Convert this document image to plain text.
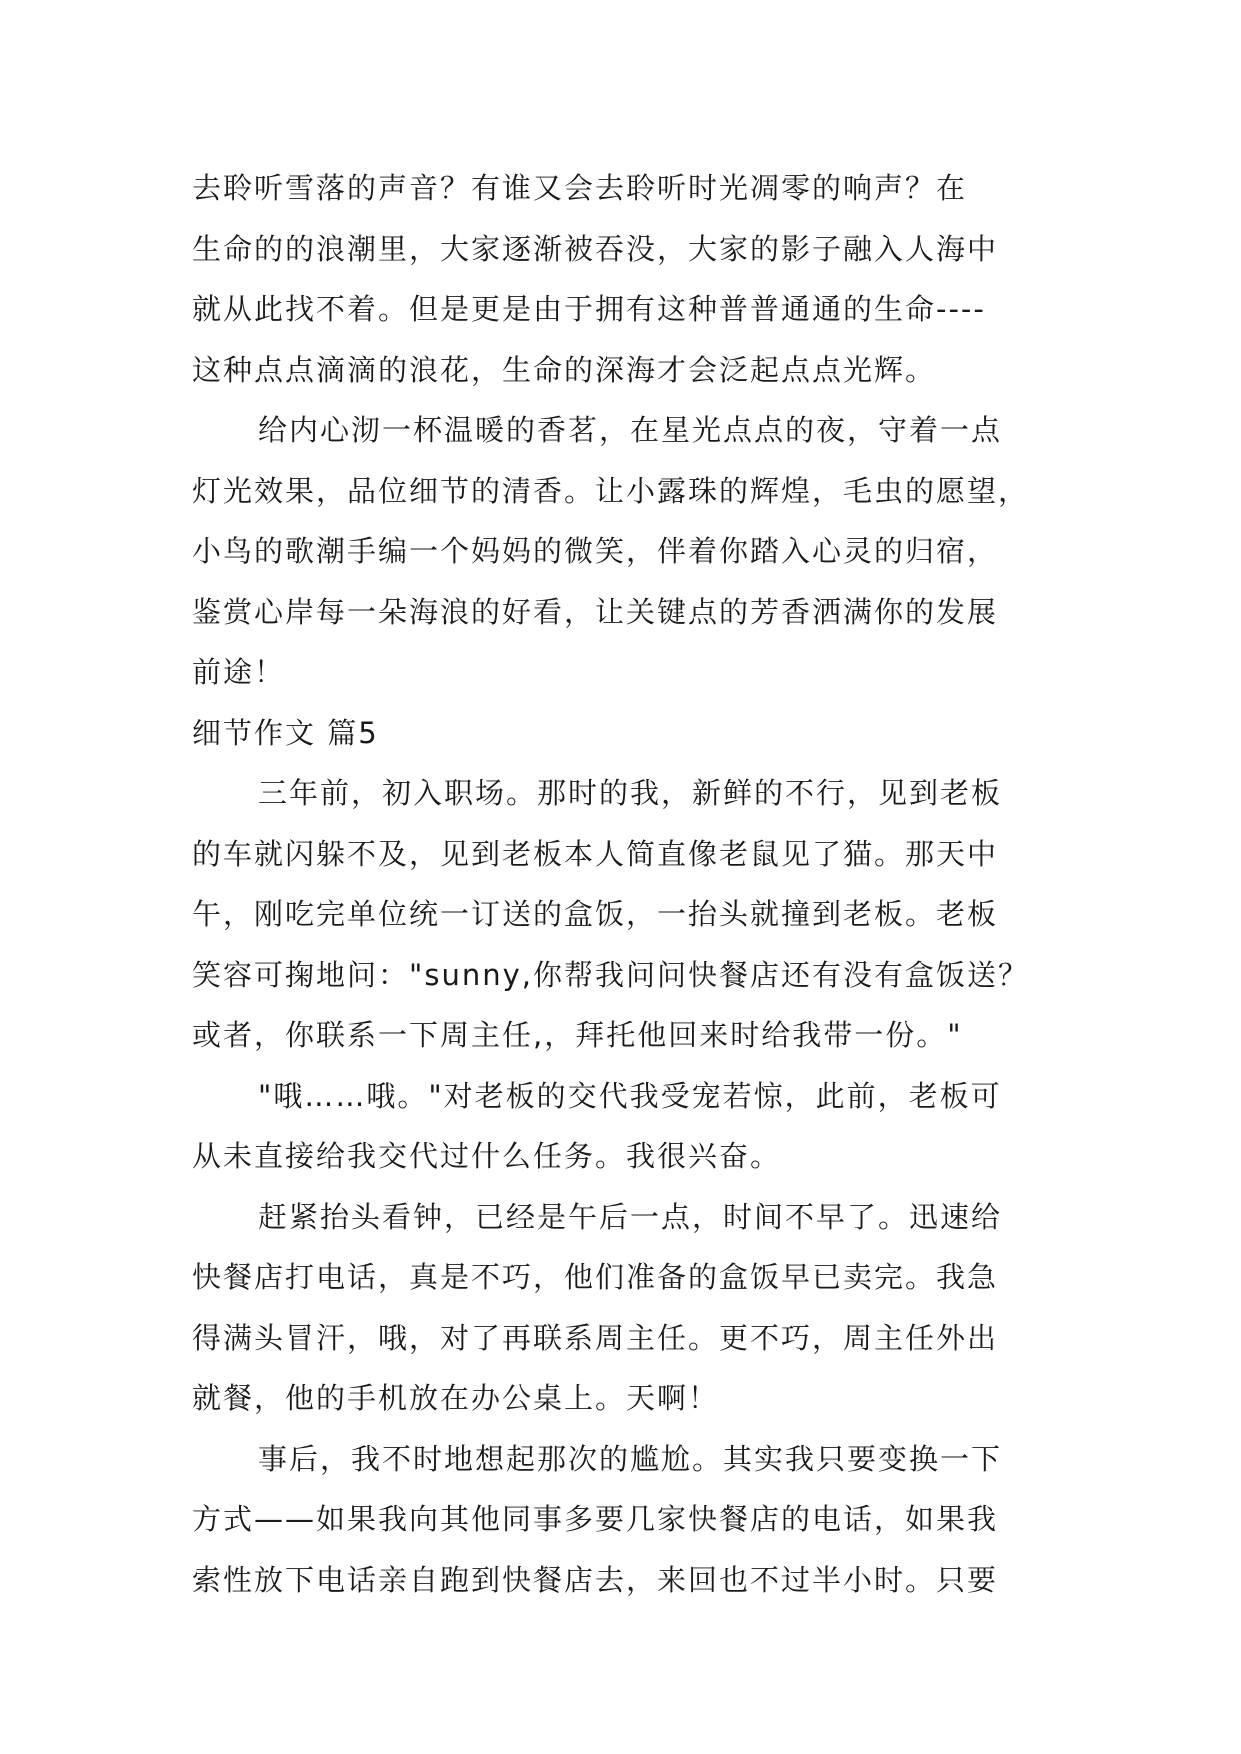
去聆听雪落的声音？有谁又会去聆听时光凋零的响声？在
生命的的浪潮里，大家逐渐被吞没，大家的影子融入人海中
就从此找不着。但是更是由于拥有这种普普通通的生命----
这种点点滴滴的浪花，生命的深海才会泛起点点光辉。
给内心沏一杯温暖的香茗，在星光点点的夜，守着一点
灯光效果，品位细节的清香。让小露珠的辉煌，毛虫的愿望，
小鸟的歌潮手编一个妈妈的微笑，伴着你踏入心灵的归宿，
鉴赏心岸每一朵海浪的好看，让关键点的芳香洒满你的发展
前途！
细节作文 篇5
三年前，初入职场。那时的我，新鲜的不行，见到老板
的车就闪躲不及，见到老板本人简直像老鼠见了猫。那天中
午，刚吃完单位统一订送的盒饭，一抬头就撞到老板。老板
笑容可掬地问："sunny,你帮我问问快餐店还有没有盒饭送？
或者，你联系一下周主任,，拜托他回来时给我带一份。"
"哦……哦。"对老板的交代我受宠若惊，此前，老板可
从未直接给我交代过什么任务。我很兴奋。
赶紧抬头看钟，已经是午后一点，时间不早了。迅速给
快餐店打电话，真是不巧，他们准备的盒饭早已卖完。我急
得满头冒汗，哦，对了再联系周主任。更不巧，周主任外出
就餐，他的手机放在办公桌上。天啊！
事后，我不时地想起那次的尴尬。其实我只要变换一下
方式——如果我向其他同事多要几家快餐店的电话，如果我
索性放下电话亲自跑到快餐店去，来回也不过半小时。只要
